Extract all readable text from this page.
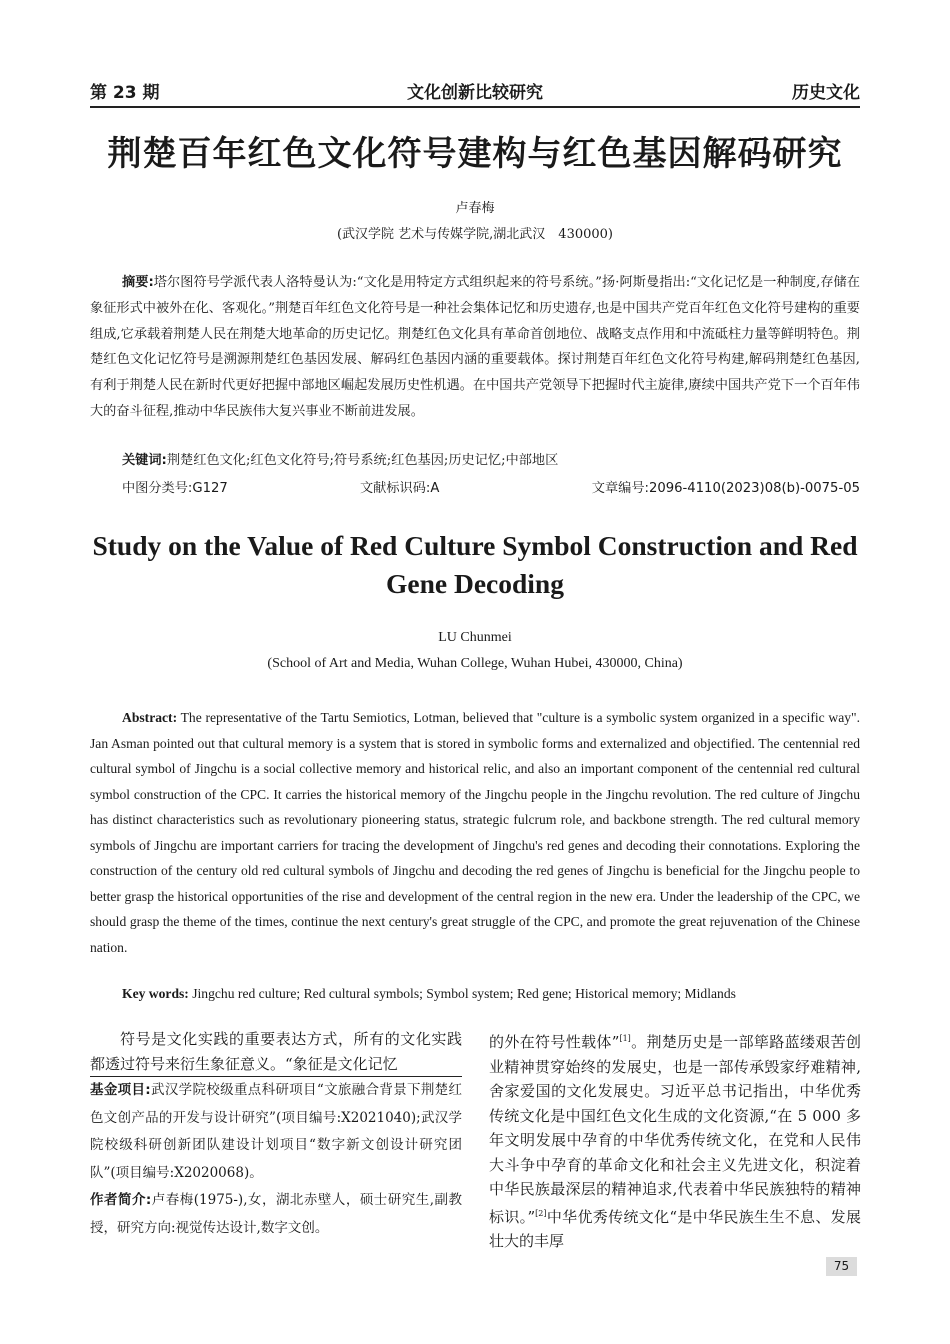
第 23 期	文化创新比较研究	历史文化
荆楚百年红色文化符号建构与红色基因解码研究
卢春梅
(武汉学院 艺术与传媒学院,湖北武汉　430000)
摘要:塔尔图符号学派代表人洛特曼认为:“文化是用特定方式组织起来的符号系统。”扬·阿斯曼指出:“文化记忆是一种制度,存储在象征形式中被外在化、客观化。”荆楚百年红色文化符号是一种社会集体记忆和历史遗存,也是中国共产党百年红色文化符号建构的重要组成,它承载着荆楚人民在荆楚大地革命的历史记忆。荆楚红色文化具有革命首创地位、战略支点作用和中流砥柱力量等鲜明特色。荆楚红色文化记忆符号是溯源荆楚红色基因发展、解码红色基因内涵的重要载体。探讨荆楚百年红色文化符号构建,解码荆楚红色基因,有利于荆楚人民在新时代更好把握中部地区崛起发展历史性机遇。在中国共产党领导下把握时代主旋律,赓续中国共产党下一个百年伟大的奋斗征程,推动中华民族伟大复兴事业不断前进发展。
关键词:荆楚红色文化;红色文化符号;符号系统;红色基因;历史记忆;中部地区
中图分类号:G127	文献标识码:A	文章编号:2096-4110(2023)08(b)-0075-05
Study on the Value of Red Culture Symbol Construction and Red Gene Decoding
LU Chunmei
(School of Art and Media, Wuhan College, Wuhan Hubei, 430000, China)
Abstract: The representative of the Tartu Semiotics, Lotman, believed that "culture is a symbolic system organized in a specific way". Jan Asman pointed out that cultural memory is a system that is stored in symbolic forms and externalized and objectified. The centennial red cultural symbol of Jingchu is a social collective memory and historical relic, and also an important component of the centennial red cultural symbol construction of the CPC. It carries the historical memory of the Jingchu people in the Jingchu revolution. The red culture of Jingchu has distinct characteristics such as revolutionary pioneering status, strategic fulcrum role, and backbone strength. The red cultural memory symbols of Jingchu are important carriers for tracing the development of Jingchu's red genes and decoding their connotations. Exploring the construction of the century old red cultural symbols of Jingchu and decoding the red genes of Jingchu is beneficial for the Jingchu people to better grasp the historical opportunities of the rise and development of the central region in the new era. Under the leadership of the CPC, we should grasp the theme of the times, continue the next century's great struggle of the CPC, and promote the great rejuvenation of the Chinese nation.
Key words: Jingchu red culture; Red cultural symbols; Symbol system; Red gene; Historical memory; Midlands

符号是文化实践的重要表达方式，所有的文化实践都透过符号来衍生象征意义。“象征是文化记忆

基金项目:武汉学院校级重点科研项目“文旅融合背景下荆楚红色文创产品的开发与设计研究”(项目编号:X2021040);武汉学院校级科研创新团队建设计划项目“数字新文创设计研究团队”(项目编号:X2020068)。

作者简介:卢春梅(1975-),女，湖北赤壁人，硕士研究生,副教授，研究方向:视觉传达设计,数字文创。

的外在符号性载体”[1]。荆楚历史是一部筚路蓝缕艰苦创业精神贯穿始终的发展史，也是一部传承毁家纾难精神,舍家爱国的文化发展史。习近平总书记指出，中华优秀传统文化是中国红色文化生成的文化资源,“在 5 000 多年文明发展中孕育的中华优秀传统文化，在党和人民伟大斗争中孕育的革命文化和社会主义先进文化，积淀着中华民族最深层的精神追求,代表着中华民族独特的精神标识。”[2]中华优秀传统文化“是中华民族生生不息、发展壮大的丰厚

75
